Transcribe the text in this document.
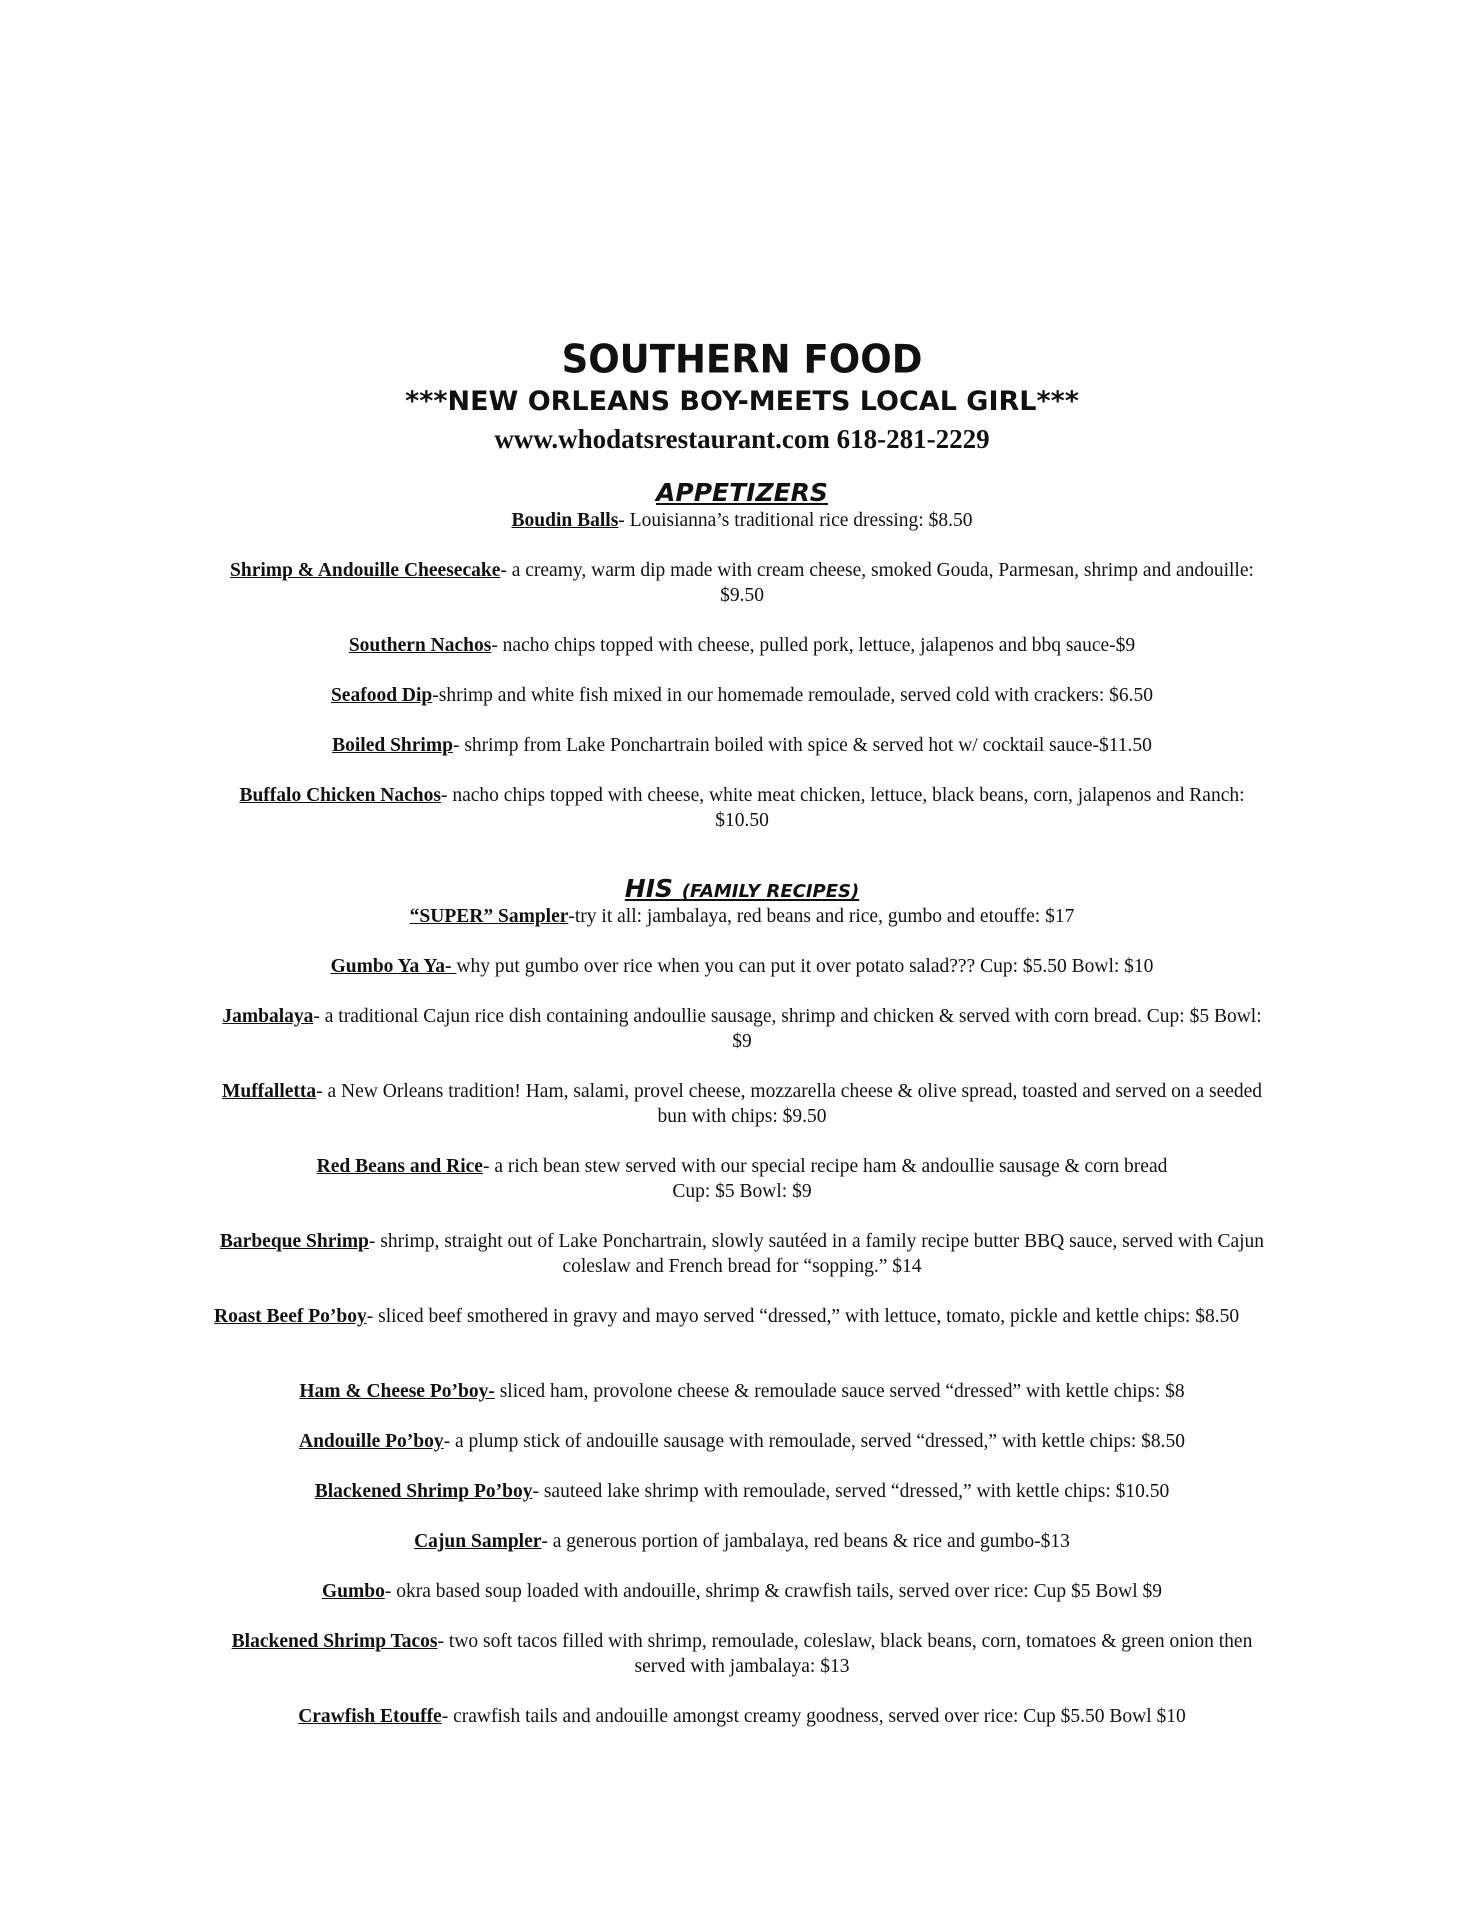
SOUTHERN FOOD

***NEW ORLEANS BOY-MEETS LOCAL GIRL***

www.whodatsrestaurant.com 618-281-2229

APPETIZERS

Boudin Balls- Louisianna’s traditional rice dressing: $8.50

Shrimp & Andouille Cheesecake- a creamy, warm dip made with cream cheese, smoked Gouda, Parmesan, shrimp and andouille: $9.50

Southern Nachos- nacho chips topped with cheese, pulled pork, lettuce, jalapenos and bbq sauce-$9

Seafood Dip-shrimp and white fish mixed in our homemade remoulade, served cold with crackers: $6.50

Boiled Shrimp- shrimp from Lake Ponchartrain boiled with spice & served hot w/ cocktail sauce-$11.50

Buffalo Chicken Nachos- nacho chips topped with cheese, white meat chicken, lettuce, black beans, corn, jalapenos and Ranch: $10.50

HIS (FAMILY RECIPES)

“SUPER” Sampler-try it all: jambalaya, red beans and rice, gumbo and etouffe: $17

Gumbo Ya Ya- why put gumbo over rice when you can put it over potato salad??? Cup: $5.50 Bowl: $10

Jambalaya- a traditional Cajun rice dish containing andoullie sausage, shrimp and chicken & served with corn bread. Cup: $5 Bowl: $9

Muffalletta- a New Orleans tradition! Ham, salami, provel cheese, mozzarella cheese & olive spread, toasted and served on a seeded bun with chips: $9.50

Red Beans and Rice- a rich bean stew served with our special recipe ham & andoullie sausage & corn bread
Cup: $5 Bowl: $9

Barbeque Shrimp- shrimp, straight out of Lake Ponchartrain, slowly sautéed in a family recipe butter BBQ sauce, served with Cajun coleslaw and French bread for “sopping.” $14

Roast Beef Po’boy- sliced beef smothered in gravy and mayo served “dressed,” with lettuce, tomato, pickle and kettle chips: $8.50

Ham & Cheese Po’boy- sliced ham, provolone cheese & remoulade sauce served “dressed” with kettle chips: $8

Andouille Po’boy- a plump stick of andouille sausage with remoulade, served “dressed,” with kettle chips: $8.50

Blackened Shrimp Po’boy- sauteed lake shrimp with remoulade, served “dressed,” with kettle chips: $10.50

Cajun Sampler- a generous portion of jambalaya, red beans & rice and gumbo-$13

Gumbo- okra based soup loaded with andouille, shrimp & crawfish tails, served over rice: Cup $5 Bowl $9

Blackened Shrimp Tacos- two soft tacos filled with shrimp, remoulade, coleslaw, black beans, corn, tomatoes & green onion then served with jambalaya: $13

Crawfish Etouffe- crawfish tails and andouille amongst creamy goodness, served over rice: Cup $5.50 Bowl $10
